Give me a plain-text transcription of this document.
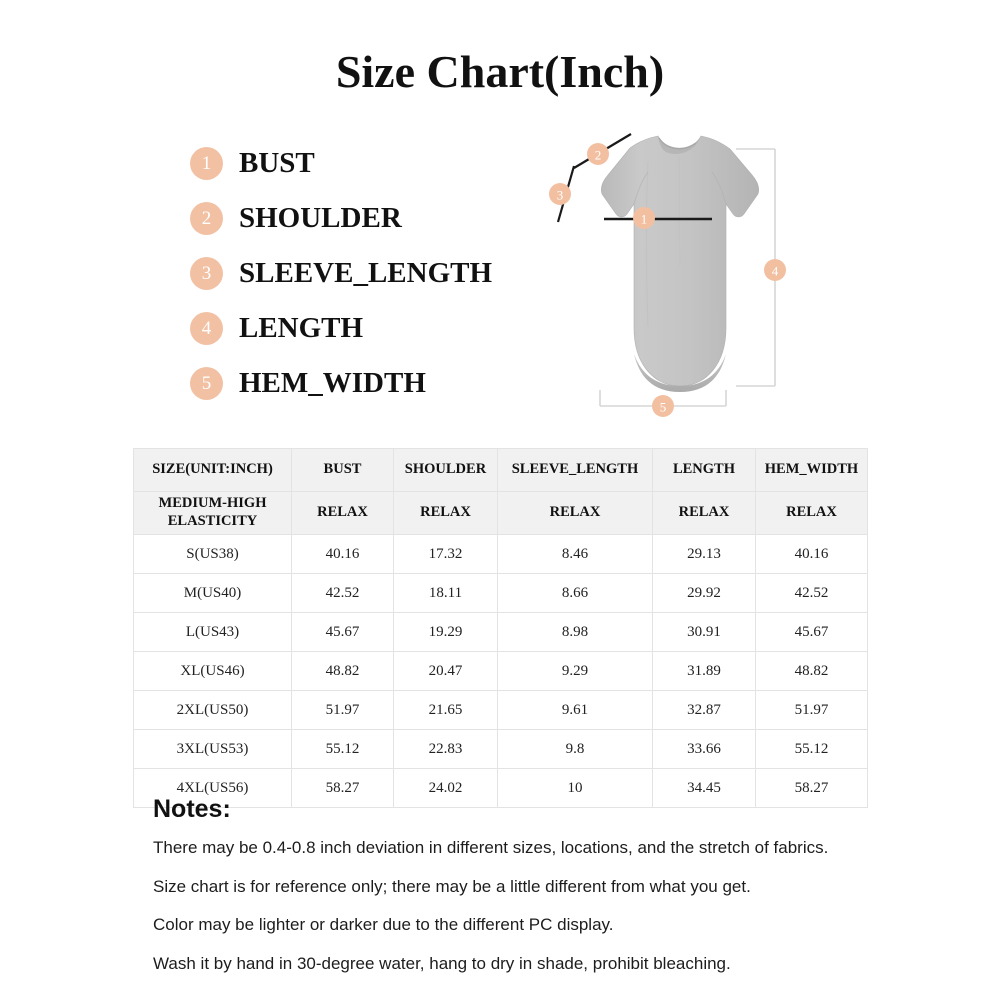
Size Chart(Inch)
1 BUST
2 SHOULDER
3 SLEEVE_LENGTH
4 LENGTH
5 HEM_WIDTH
1
2
3
4
5
SIZE(UNIT:INCH)	BUST	SHOULDER	SLEEVE_LENGTH	LENGTH	HEM_WIDTH
MEDIUM-HIGH ELASTICITY	RELAX	RELAX	RELAX	RELAX	RELAX
S(US38)	40.16	17.32	8.46	29.13	40.16
M(US40)	42.52	18.11	8.66	29.92	42.52
L(US43)	45.67	19.29	8.98	30.91	45.67
XL(US46)	48.82	20.47	9.29	31.89	48.82
2XL(US50)	51.97	21.65	9.61	32.87	51.97
3XL(US53)	55.12	22.83	9.8	33.66	55.12
4XL(US56)	58.27	24.02	10	34.45	58.27
Notes:
There may be 0.4-0.8 inch deviation in different sizes, locations, and the stretch of fabrics.
Size chart is for reference only; there may be a little different from what you get.
Color may be lighter or darker due to the different PC display.
Wash it by hand in 30-degree water, hang to dry in shade, prohibit bleaching.
